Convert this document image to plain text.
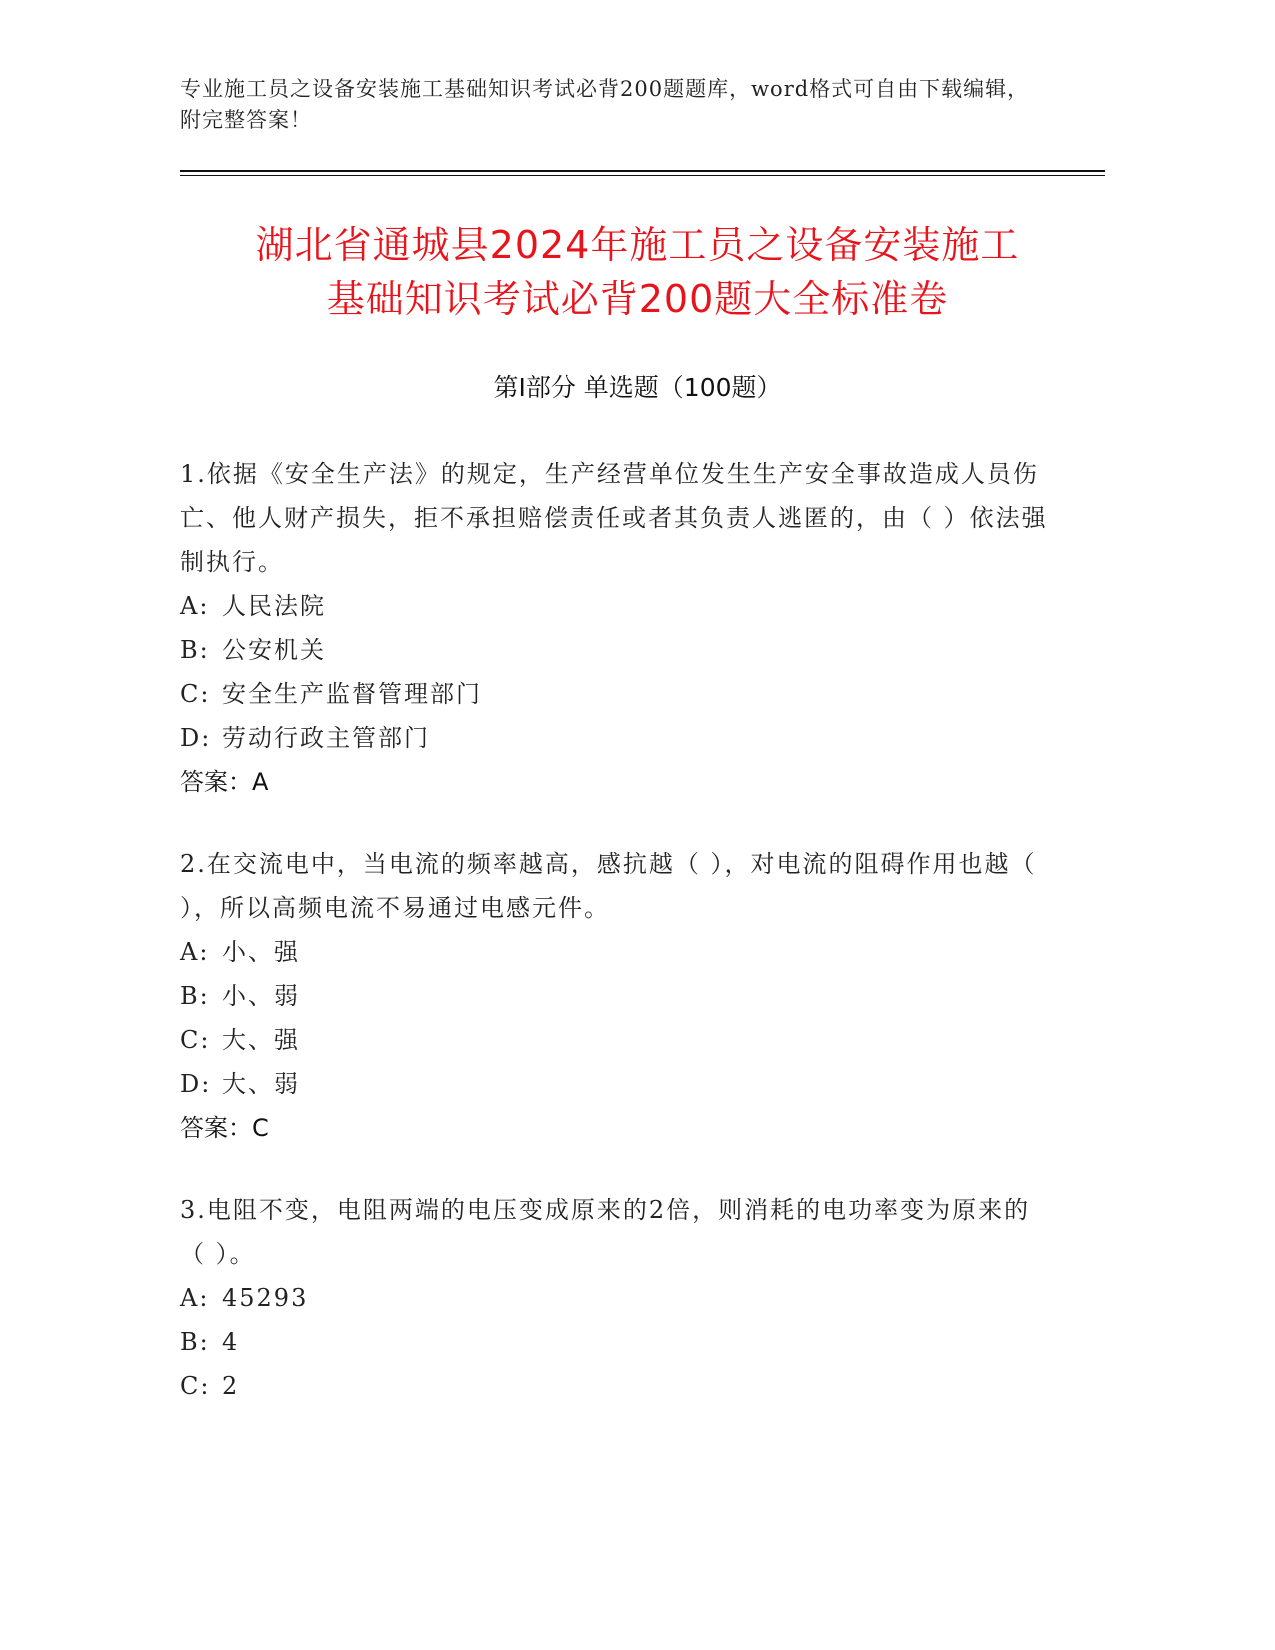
专业施工员之设备安装施工基础知识考试必背200题题库，word格式可自由下载编辑，附完整答案！
湖北省通城县2024年施工员之设备安装施工
基础知识考试必背200题大全标准卷
第Ⅰ部分 单选题（100题）
1.依据《安全生产法》的规定，生产经营单位发生生产安全事故造成人员伤亡、他人财产损失，拒不承担赔偿责任或者其负责人逃匿的，由（ ）依法强制执行。
A: 人民法院
B: 公安机关
C: 安全生产监督管理部门
D: 劳动行政主管部门
答案：A
2.在交流电中，当电流的频率越高，感抗越（ ），对电流的阻碍作用也越（ ），所以高频电流不易通过电感元件。
A: 小、强
B: 小、弱
C: 大、强
D: 大、弱
答案：C
3.电阻不变，电阻两端的电压变成原来的2倍，则消耗的电功率变为原来的（ ）。
A: 45293
B: 4
C: 2
